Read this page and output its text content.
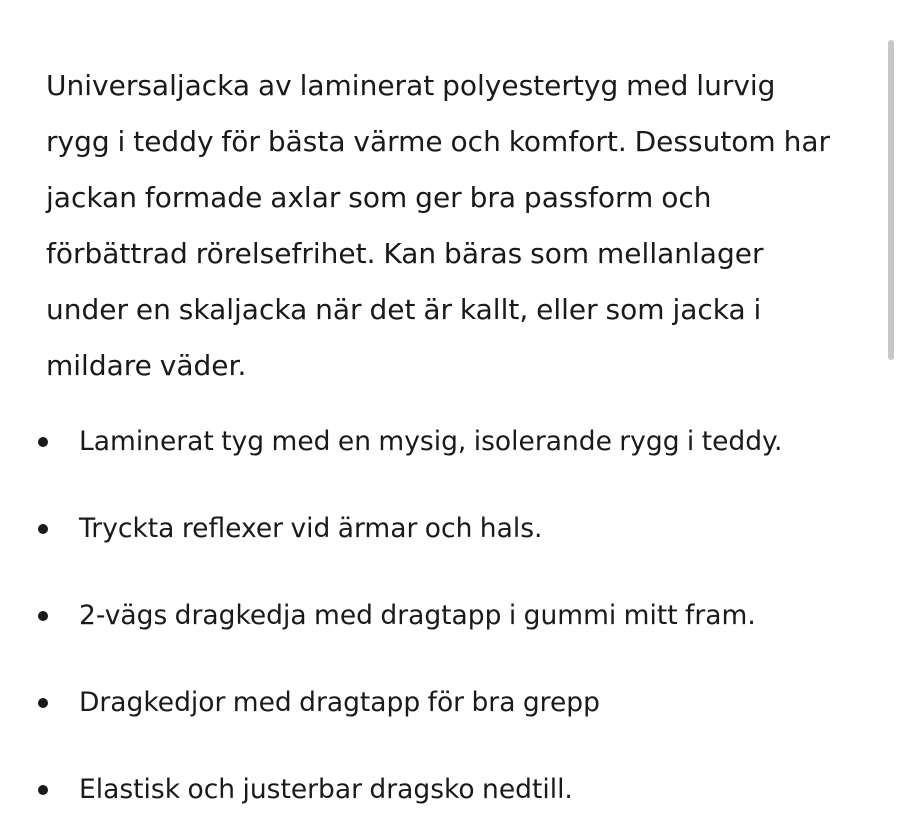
Universaljacka av laminerat polyestertyg med lurvig rygg i teddy för bästa värme och komfort. Dessutom har jackan formade axlar som ger bra passform och förbättrad rörelsefrihet. Kan bäras som mellanlager under en skaljacka när det är kallt, eller som jacka i mildare väder.

Laminerat tyg med en mysig, isolerande rygg i teddy.
Tryckta reflexer vid ärmar och hals.
2-vägs dragkedja med dragtapp i gummi mitt fram.
Dragkedjor med dragtapp för bra grepp
Elastisk och justerbar dragsko nedtill.
